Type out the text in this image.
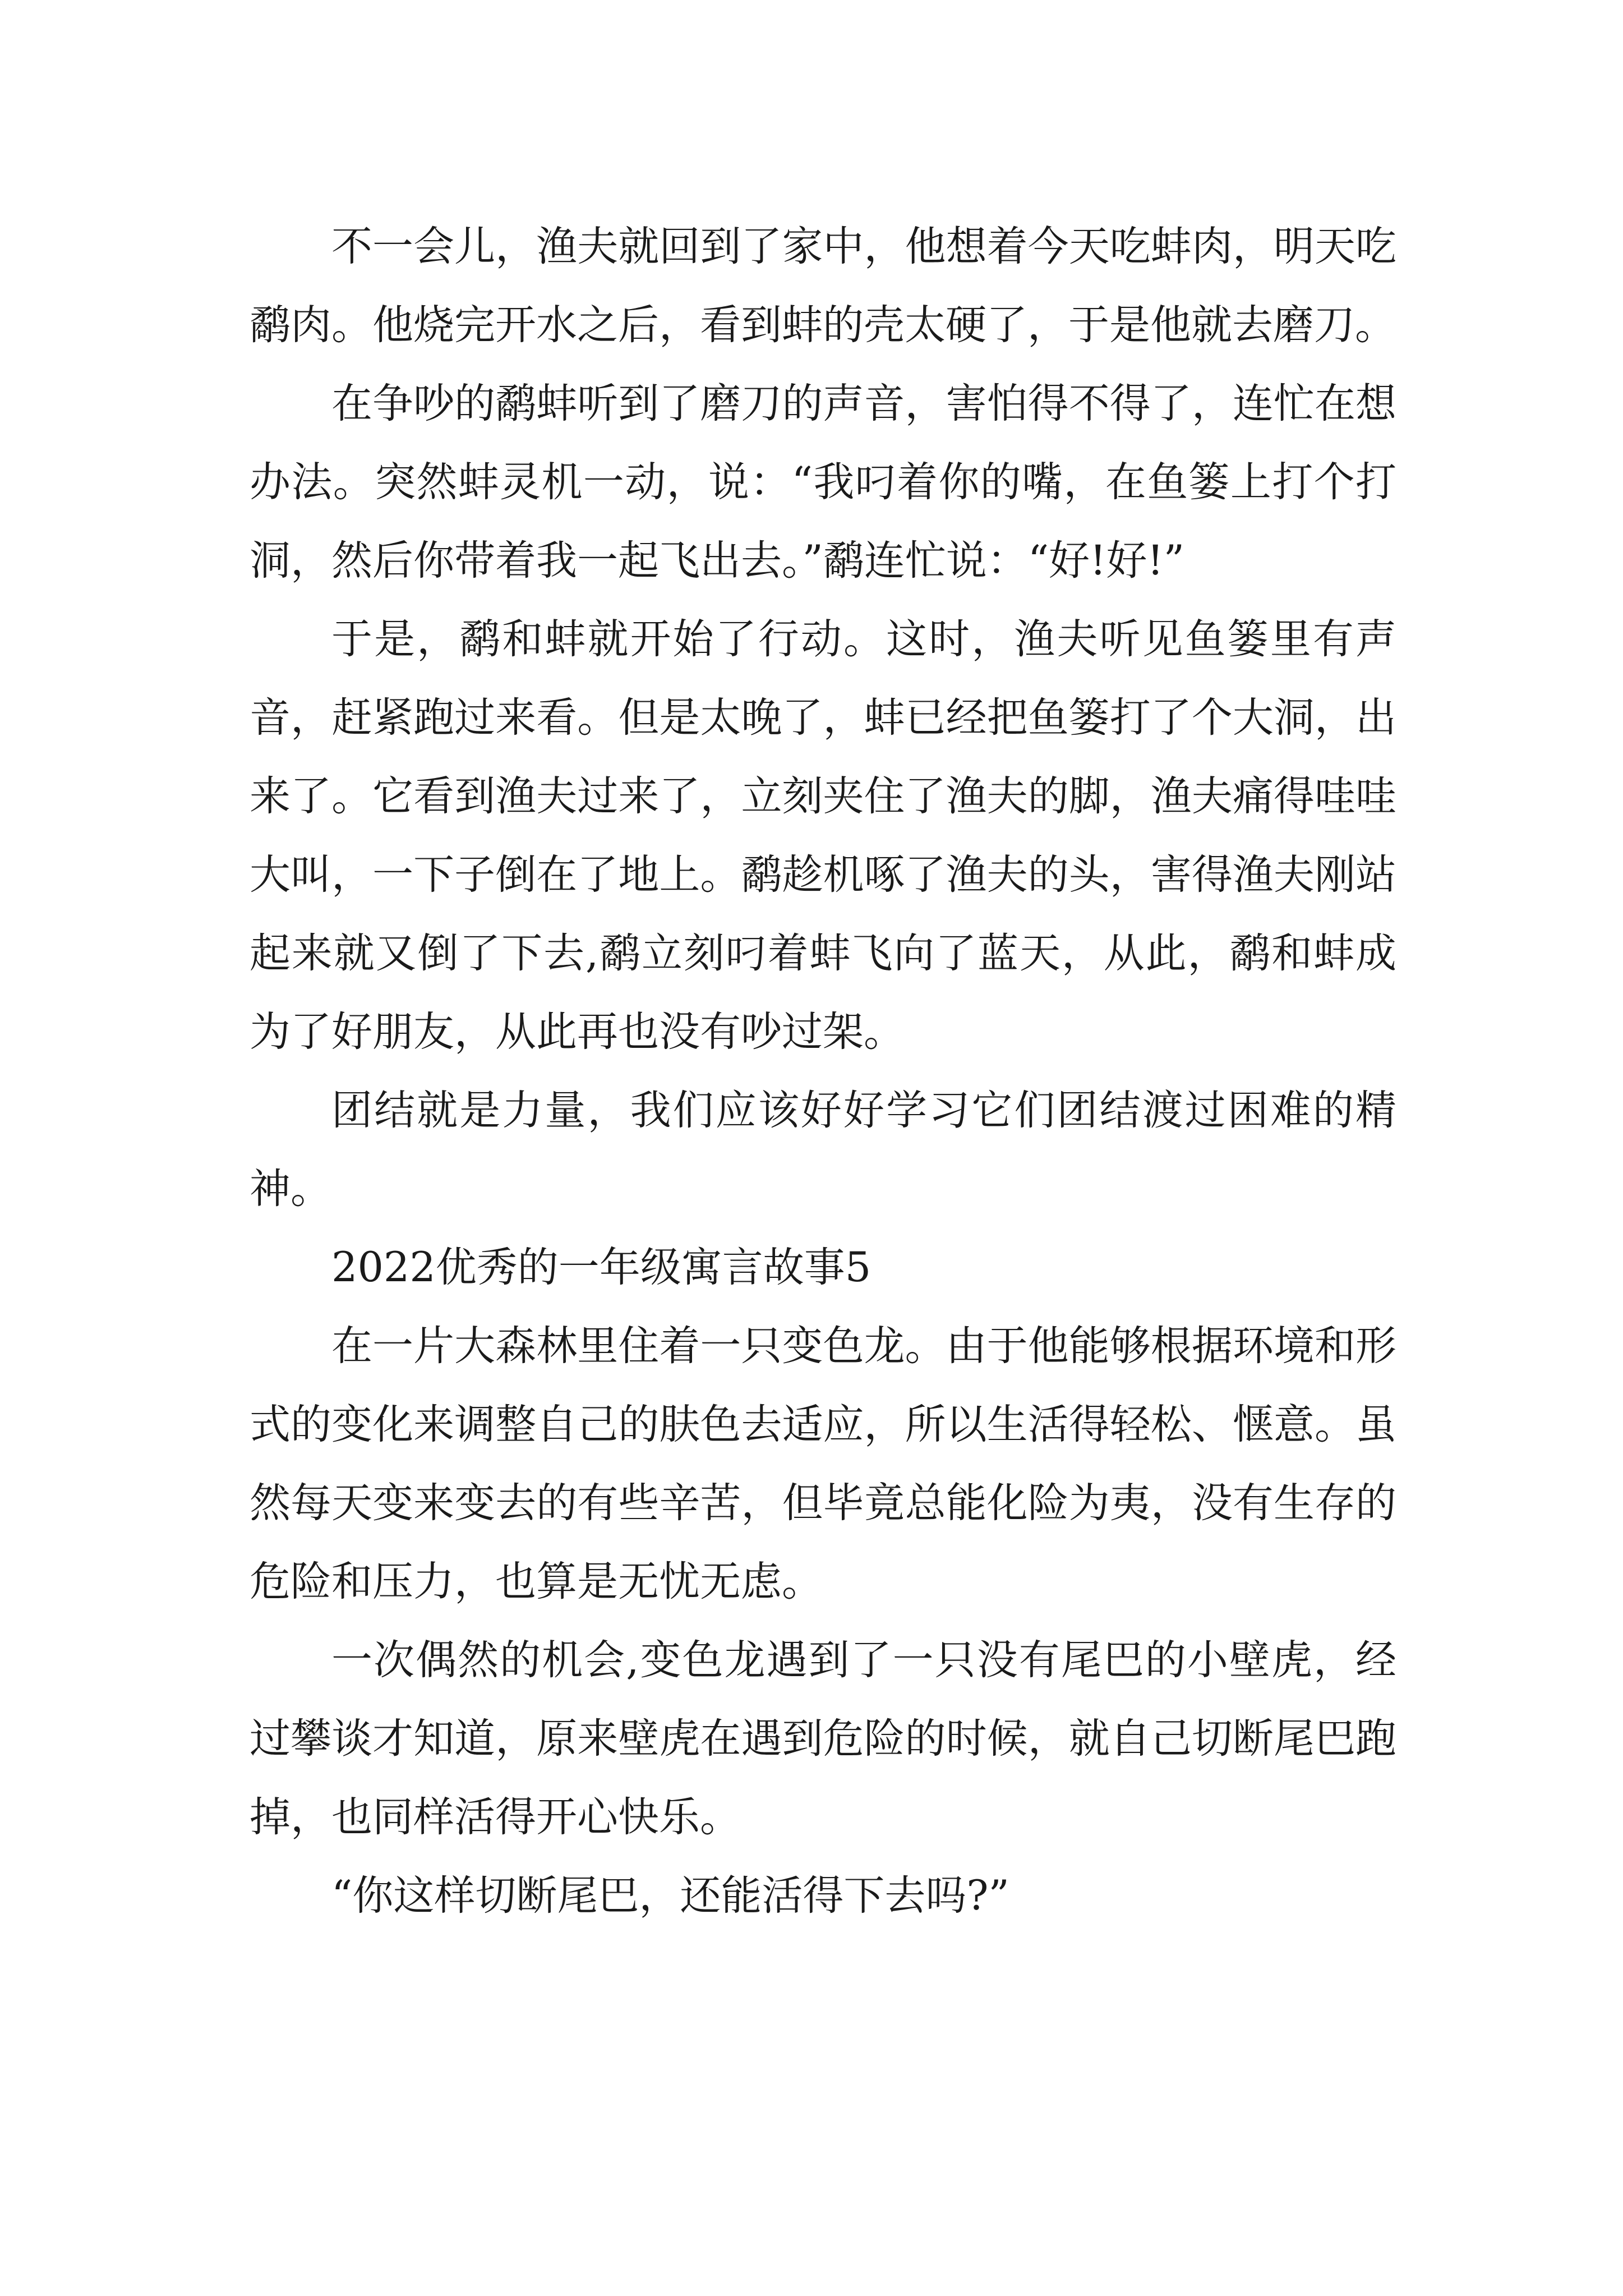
不一会儿，渔夫就回到了家中，他想着今天吃蚌肉，明天吃鹬肉。他烧完开水之后，看到蚌的壳太硬了，于是他就去磨刀。

在争吵的鹬蚌听到了磨刀的声音，害怕得不得了，连忙在想办法。突然蚌灵机一动，说：“我叼着你的嘴，在鱼篓上打个打洞，然后你带着我一起飞出去。”鹬连忙说：“好!好!”

于是，鹬和蚌就开始了行动。这时，渔夫听见鱼篓里有声音，赶紧跑过来看。但是太晚了，蚌已经把鱼篓打了个大洞，出来了。它看到渔夫过来了，立刻夹住了渔夫的脚，渔夫痛得哇哇大叫，一下子倒在了地上。鹬趁机啄了渔夫的头，害得渔夫刚站起来就又倒了下去,鹬立刻叼着蚌飞向了蓝天，从此，鹬和蚌成为了好朋友，从此再也没有吵过架。

团结就是力量，我们应该好好学习它们团结渡过困难的精神。

2022优秀的一年级寓言故事5

在一片大森林里住着一只变色龙。由于他能够根据环境和形式的变化来调整自己的肤色去适应，所以生活得轻松、惬意。虽然每天变来变去的有些辛苦，但毕竟总能化险为夷，没有生存的危险和压力，也算是无忧无虑。

一次偶然的机会,变色龙遇到了一只没有尾巴的小壁虎，经过攀谈才知道，原来壁虎在遇到危险的时候，就自己切断尾巴跑掉，也同样活得开心快乐。

“你这样切断尾巴，还能活得下去吗?”
